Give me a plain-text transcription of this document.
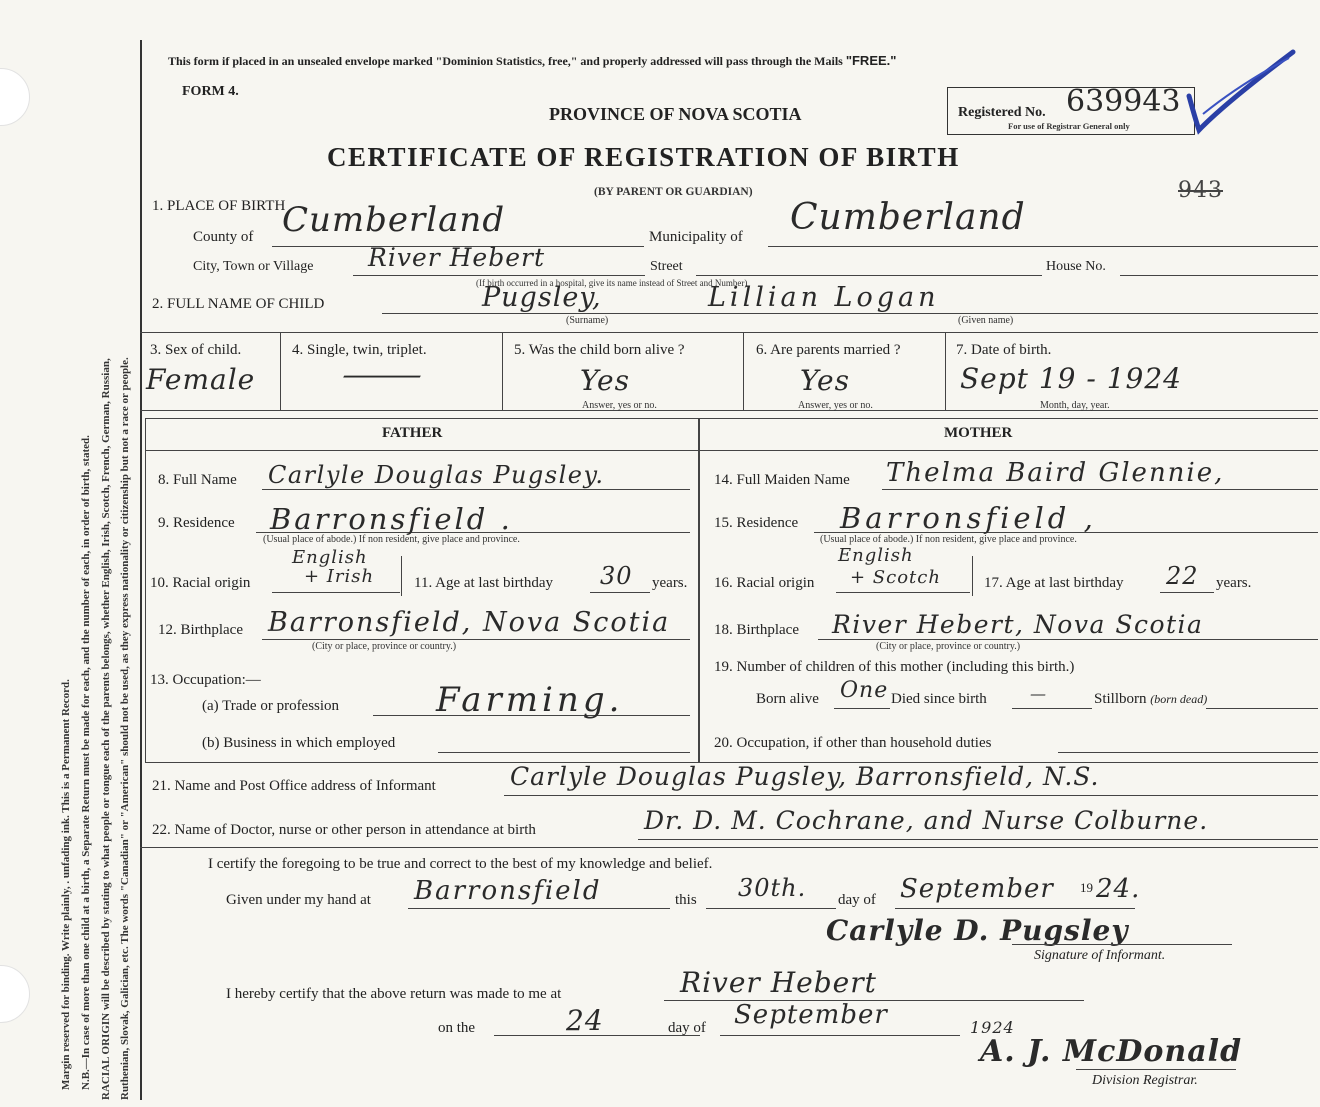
Margin reserved for binding. Write plainly, . unfading ink. This is a Permanent Record. N.B.—In case of more than one child at a birth, a Separate Return must be made for each, and the number of each, in order of birth, stated. RACIAL ORIGIN will be described by stating to what people or tongue each of the parents belongs, whether English, Irish, Scotch, French, German, Russian, Ruthenian, Slovak, Galician, etc. The words "Canadian" or "American" should not be used, as they express nationality or citizenship but not a race or people.
This form if placed in an unsealed envelope marked "Dominion Statistics, free," and properly addressed will pass through the Mails "FREE."
FORM 4.
PROVINCE OF NOVA SCOTIA
CERTIFICATE OF REGISTRATION OF BIRTH
(BY PARENT OR GUARDIAN)
Registered No. 639943
For use of Registrar General only
943
1. PLACE OF BIRTH
County of Cumberland	Municipality of Cumberland
City, Town or Village River Hebert	Street	House No.
(If birth occurred in a hospital, give its name instead of Street and Number)
2. FULL NAME OF CHILD	Pugsley,	Lillian Logan
(Surname)	(Given name)
3. Sex of child.
Female
4. Single, twin, triplet.
—
5. Was the child born alive ?
Yes
Answer, yes or no.
6. Are parents married ?
Yes
Answer, yes or no.
7. Date of birth.
Sept 19 - 1924
Month, day, year.
FATHER	MOTHER
8. Full Name Carlyle Douglas Pugsley.
9. Residence Barronsfield .
(Usual place of abode.) If non resident, give place and province.
10. Racial origin
English
+ Irish	11. Age at last birthday 30 years.
12. Birthplace Barronsfield, Nova Scotia
(City or place, province or country.)
13. Occupation:—
(a) Trade or profession	Farming.
(b) Business in which employed
14. Full Maiden Name Thelma Baird Glennie,
15. Residence Barronsfield ,
(Usual place of abode.) If non resident, give place and province.
16. Racial origin
English
+ Scotch	17. Age at last birthday 22 years.
18. Birthplace River Hebert, Nova Scotia
(City or place, province or country.)
19. Number of children of this mother (including this birth.)
Born alive One Died since birth	—	Stillborn (born dead)
20. Occupation, if other than household duties
21. Name and Post Office address of Informant	Carlyle Douglas Pugsley, Barronsfield, N.S.
22. Name of Doctor, nurse or other person in attendance at birth	Dr. D. M. Cochrane, and Nurse Colburne.
I certify the foregoing to be true and correct to the best of my knowledge and belief.
Given under my hand at Barronsfield	this 30th. day of September 19 24.
Carlyle D. Pugsley
Signature of Informant.
I hereby certify that the above return was made to me at	River Hebert
on the	24	day of September	1924
A. J. McDonald
Division Registrar.
